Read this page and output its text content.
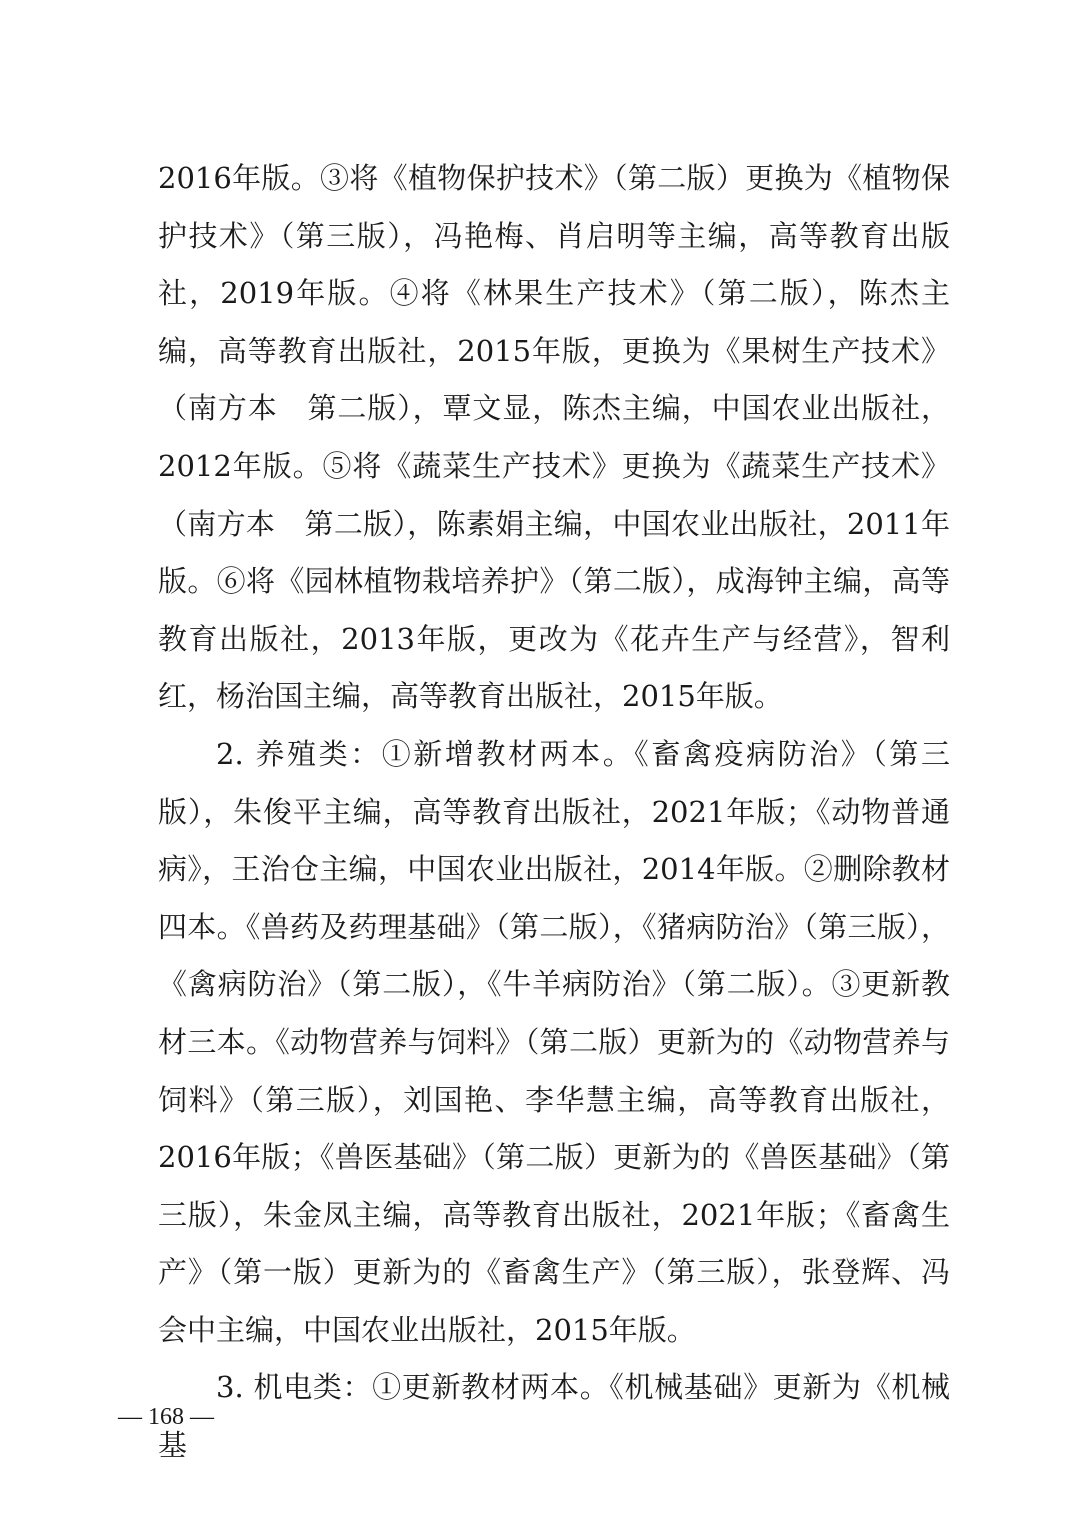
2016年版。③将《植物保护技术》（第二版）更换为《植物保护技术》（第三版），冯艳梅、肖启明等主编，高等教育出版社，2019年版。④将《林果生产技术》（第二版），陈杰主编，高等教育出版社，2015年版，更换为《果树生产技术》（南方本　第二版），覃文显，陈杰主编，中国农业出版社，2012年版。⑤将《蔬菜生产技术》更换为《蔬菜生产技术》（南方本　第二版），陈素娟主编，中国农业出版社，2011年版。⑥将《园林植物栽培养护》（第二版），成海钟主编，高等教育出版社，2013年版，更改为《花卉生产与经营》，智利红，杨治国主编，高等教育出版社，2015年版。

2. 养殖类：①新增教材两本。《畜禽疫病防治》（第三版），朱俊平主编，高等教育出版社，2021年版；《动物普通病》，王治仓主编，中国农业出版社，2014年版。②删除教材四本。《兽药及药理基础》（第二版），《猪病防治》（第三版），《禽病防治》（第二版），《牛羊病防治》（第二版）。③更新教材三本。《动物营养与饲料》（第二版）更新为的《动物营养与饲料》（第三版），刘国艳、李华慧主编，高等教育出版社，2016年版；《兽医基础》（第二版）更新为的《兽医基础》（第三版），朱金凤主编，高等教育出版社，2021年版；《畜禽生产》（第一版）更新为的《畜禽生产》（第三版），张登辉、冯会中主编，中国农业出版社，2015年版。

3. 机电类：①更新教材两本。《机械基础》更新为《机械基

— 168 —
